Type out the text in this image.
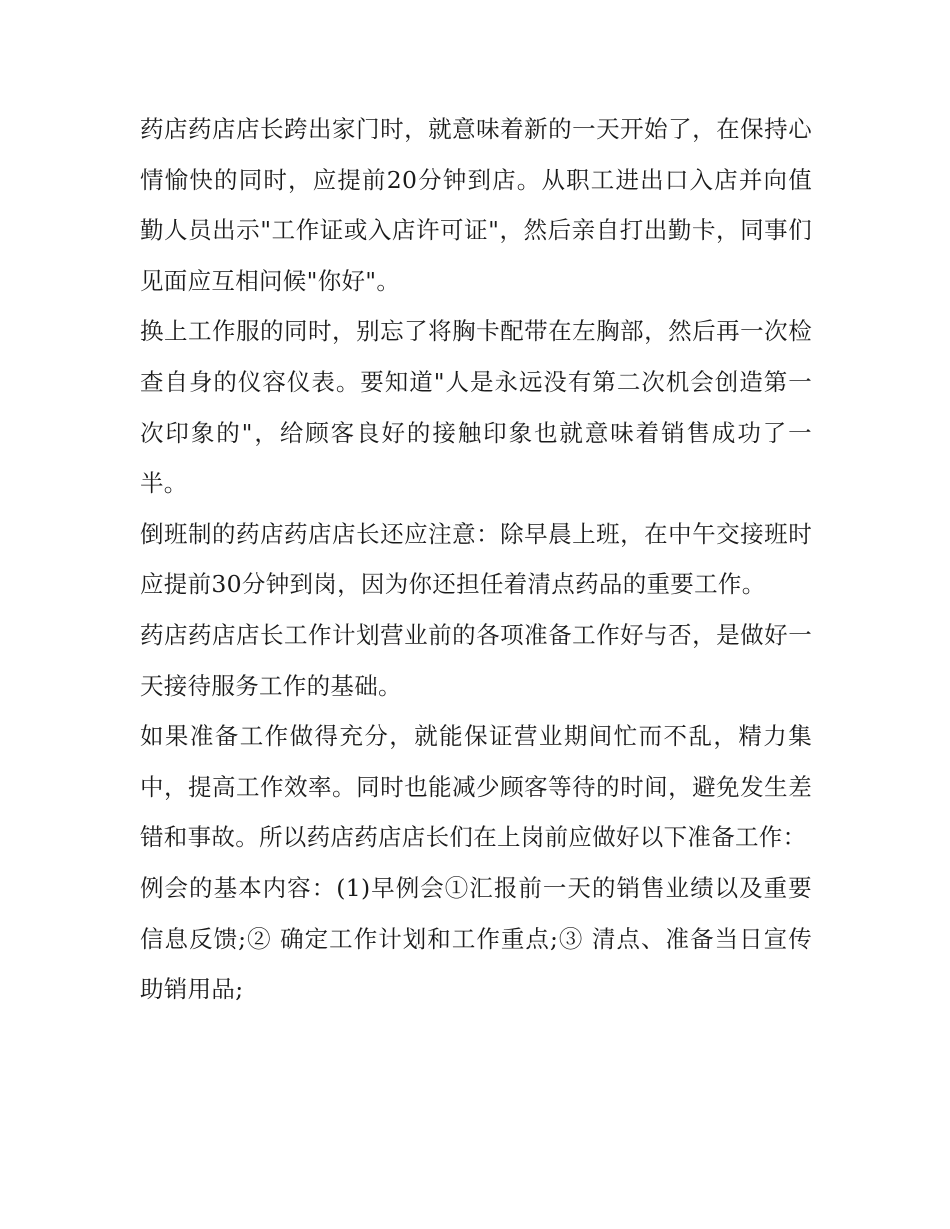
药店药店店长跨出家门时，就意味着新的一天开始了，在保持心情愉快的同时，应提前20分钟到店。从职工进出口入店并向值勤人员出示"工作证或入店许可证"，然后亲自打出勤卡，同事们见面应互相问候"你好"。

换上工作服的同时，别忘了将胸卡配带在左胸部，然后再一次检查自身的仪容仪表。要知道"人是永远没有第二次机会创造第一次印象的"，给顾客良好的接触印象也就意味着销售成功了一半。

倒班制的药店药店店长还应注意：除早晨上班，在中午交接班时应提前30分钟到岗，因为你还担任着清点药品的重要工作。

药店药店店长工作计划营业前的各项准备工作好与否，是做好一天接待服务工作的基础。

如果准备工作做得充分，就能保证营业期间忙而不乱，精力集中，提高工作效率。同时也能减少顾客等待的时间，避免发生差错和事故。所以药店药店店长们在上岗前应做好以下准备工作：

例会的基本内容：(1)早例会①汇报前一天的销售业绩以及重要信息反馈;② 确定工作计划和工作重点;③ 清点、准备当日宣传助销用品;
